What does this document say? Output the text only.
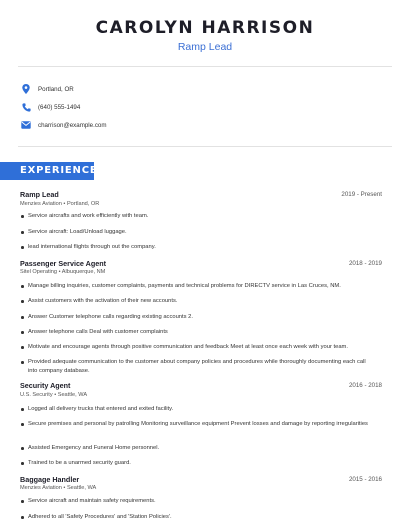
CAROLYN HARRISON
Ramp Lead
Portland, OR
(640) 555-1494
charrison@example.com
EXPERIENCE
Ramp Lead	2019 - Present
Menzies Aviation • Portland, OR
Service aircrafts and work efficiently with team.
Service aircraft: Load/Unload luggage.
lead international flights through out the company.
Passenger Service Agent	2018 - 2019
Sitel Operating • Albuquerque, NM
Manage billing inquiries, customer complaints, payments and technical problems for DIRECTV service in Las Cruces, NM.
Assist customers with the activation of their new accounts.
Answer Customer telephone calls regarding existing accounts 2.
Answer telephone calls Deal with customer complaints
Motivate and encourage agents through positive communication and feedback Meet at least once each week with your team.
Provided adequate communication to the customer about company policies and procedures while thoroughly documenting each call into company database.
Security Agent	2016 - 2018
U.S. Security • Seattle, WA
Logged all delivery trucks that entered and exited facility.
Secure premises and personal by patrolling Monitoring surveillance equipment Prevent losses and damage by reporting irregularities
Assisted Emergency and Funeral Home personnel.
Trained to be a unarmed security guard.
Baggage Handler	2015 - 2016
Menzies Aviation • Seattle, WA
Service aircraft and maintain safety requirements.
Adhered to all 'Safety Procedures' and 'Station Policies'.
